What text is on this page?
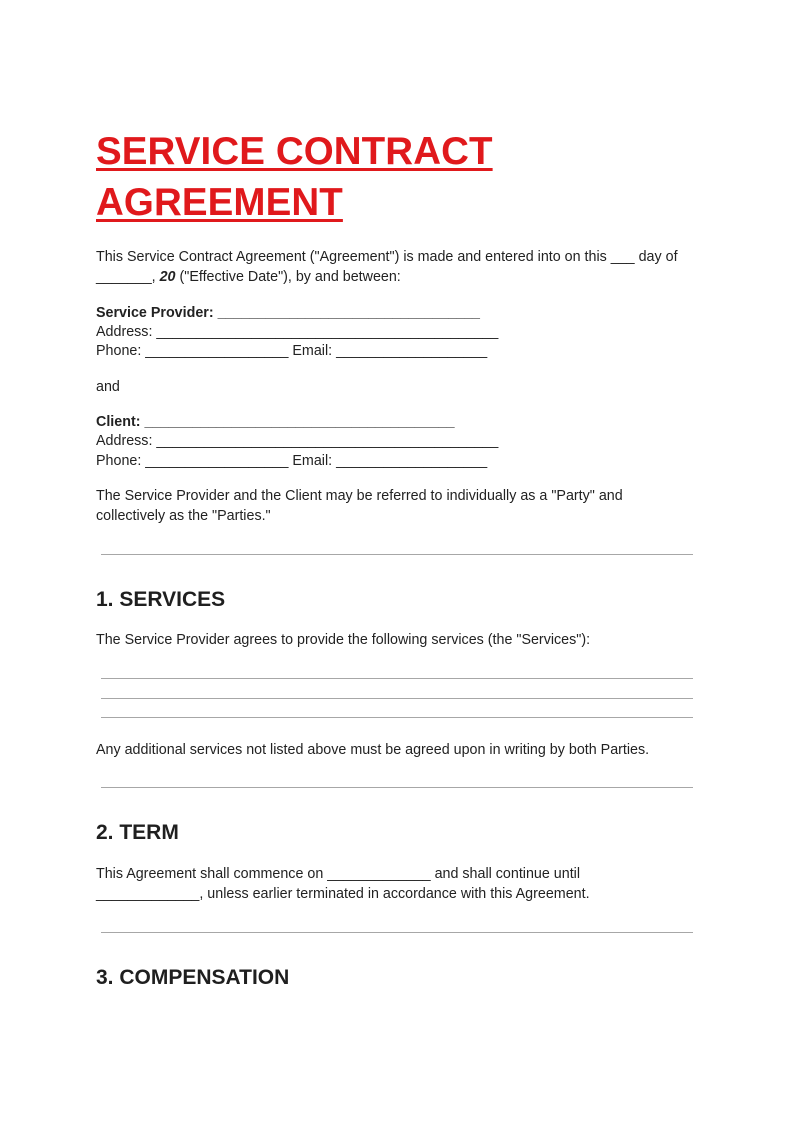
SERVICE CONTRACT
AGREEMENT
This Service Contract Agreement ("Agreement") is made and entered into on this ___ day of
_______, 20 ("Effective Date"), by and between:
Service Provider: _________________________________
Address: ___________________________________________
Phone: __________________ Email: ___________________
and
Client: _______________________________________
Address: ___________________________________________
Phone: __________________ Email: ___________________
The Service Provider and the Client may be referred to individually as a "Party" and
collectively as the "Parties."
1. SERVICES
The Service Provider agrees to provide the following services (the "Services"):
Any additional services not listed above must be agreed upon in writing by both Parties.
2. TERM
This Agreement shall commence on _____________ and shall continue until
_____________, unless earlier terminated in accordance with this Agreement.
3. COMPENSATION
